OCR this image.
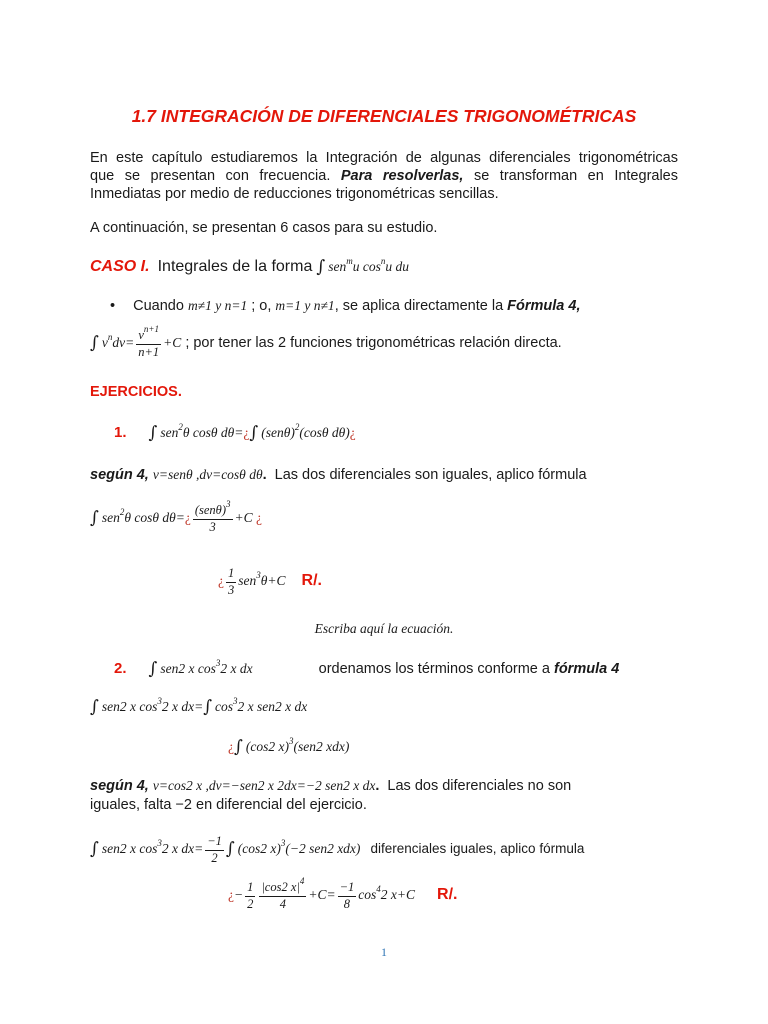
1.7 INTEGRACIÓN DE DIFERENCIALES TRIGONOMÉTRICAS
En este capítulo estudiaremos la Integración de algunas diferenciales trigonométricas
que se presentan con frecuencia. Para resolverlas, se transforman en Integrales
Inmediatas por medio de reducciones trigonométricas sencillas.
A continuación, se presentan 6 casos para su estudio.
CASO I. Integrales de la forma ∫ sen$^m$u $\cos^nu$ du
• Cuando m≠1 y n=1 ; o, m=1 y n≠1, se aplica directamente la Fórmula 4,
∫ $v^ndv= \frac{v^{n+1}}{n+1} +C$ ; por tener las 2 funciones trigonométricas relación directa.
EJERCICIOS.
1. ∫ sen$^2$θ cosθ dθ=¿∫ $(sen\theta)^2(\cos\theta$ dθ)¿
según 4, v=senθ ,dv=cosθ dθ. Las dos diferenciales son iguales, aplico fórmula
∫ sen$^2$θ cosθ dθ=¿ $\frac{(sen\theta)^3}{3} +C$ ¿
¿ $\frac{1}{3} sen^3\theta+C$ R/.
Escriba aquí la ecuación.
2. ∫ sen2 x $\cos^32$ x dx	ordenamos los términos conforme a fórmula 4
∫ sen2 x $\cos^32$ x dx=∫ $\cos^32$ x sen2 x dx
¿∫ (cos2 x)$^3$(sen2 xdx)
según 4, v=cos2 x ,dv=−sen2 x 2dx=−2 sen2 x dx. Las dos diferenciales no son
iguales, falta −2 en diferencial del ejercicio.
∫ sen2 x $\cos^32$ x $dx= \frac{-1}{2}$ ∫ (cos2 x)$^3$(−2 sen2 xdx) diferenciales iguales, aplico fórmula
¿− $\frac{1}{2} \frac{|\cos 2 x|^4}{4} +C= \frac{-1}{8} \cos^42$ x+C R/.
1
